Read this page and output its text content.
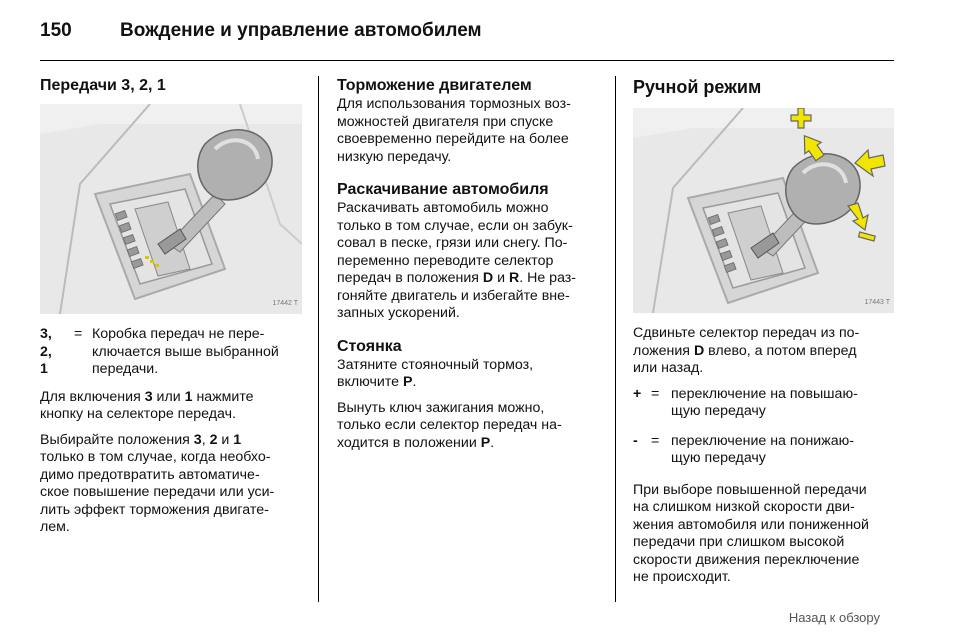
150	Вождение и управление автомобилем
Передачи 3, 2, 1
17442 T
3,
2,
1
	=	Коробка передач не пере-
ключается выше выбранной
передачи.

Для включения 3 или 1 нажмите
кнопку на селекторе передач.

Выбирайте положения 3, 2 и 1
только в том случае, когда необхо-
димо предотвратить автоматиче-
ское повышение передачи или уси-
лить эффект торможения двигате-
лем.

Торможение двигателем

Для использования тормозных воз-
можностей двигателя при спуске
своевременно перейдите на более
низкую передачу.

Раскачивание автомобиля

Раскачивать автомобиль можно
только в том случае, если он забук-
совал в песке, грязи или снегу. По-
переменно переводите селектор
передач в положения D и R. Не раз-
гоняйте двигатель и избегайте вне-
запных ускорений.

Стоянка

Затяните стояночный тормоз,
включите P.

Вынуть ключ зажигания можно,
только если селектор передач на-
ходится в положении P.

Ручной режим
17443 T

Сдвиньте селектор передач из по-
ложения D влево, а потом вперед
или назад.

+	=	переключение на повышаю-
щую передачу
-	=	переключение на понижаю-
щую передачу

При выборе повышенной передачи
на слишком низкой скорости дви-
жения автомобиля или пониженной
передачи при слишком высокой
скорости движения переключение
не происходит.

Назад к обзору
